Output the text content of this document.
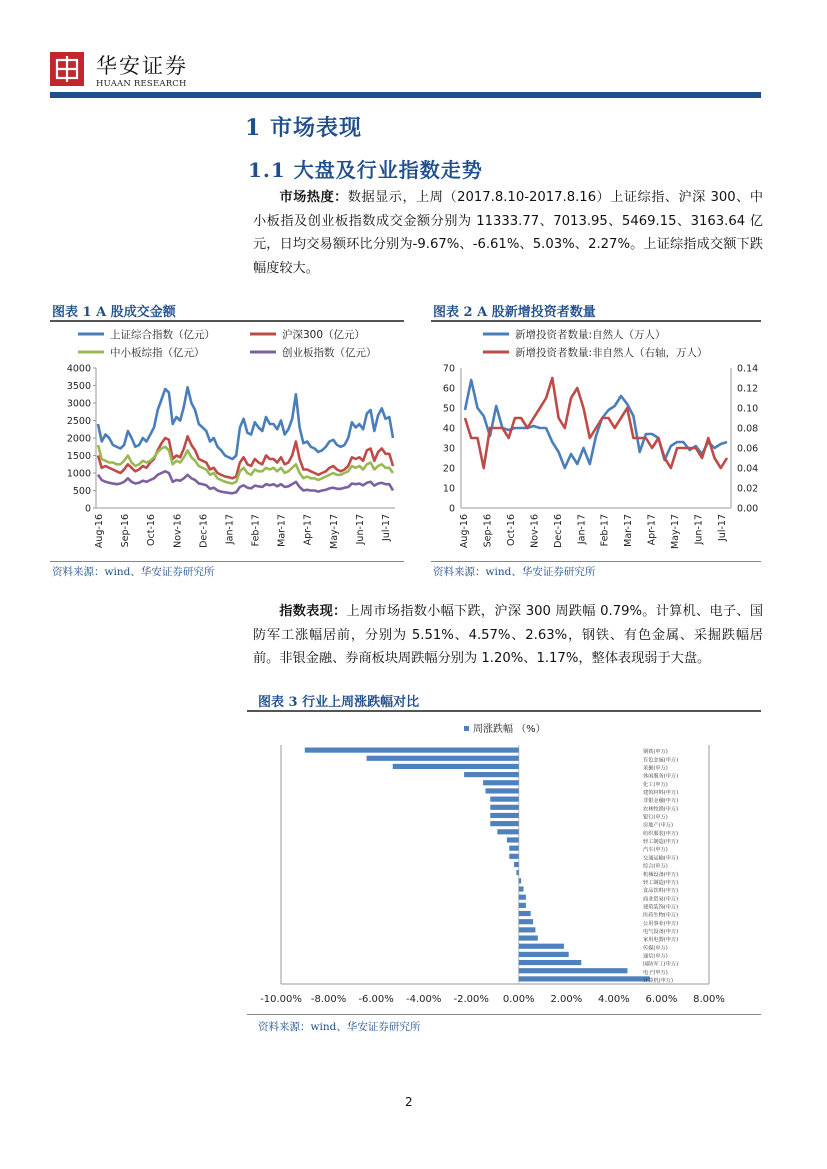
华安证券
HUAAN RESEARCH
1 市场表现
1.1 大盘及行业指数走势
市场热度：数据显示，上周（2017.8.10-2017.8.16）上证综指、沪深 300、中小板指及创业板指数成交金额分别为 11333.77、7013.95、5469.15、3163.64 亿元，日均交易额环比分别为-9.67%、-6.61%、5.03%、2.27%。上证综指成交额下跌幅度较大。
图表 1 A 股成交金额
上证综合指数（亿元）	沪深300（亿元）
中小板综指（亿元）	创业板指数（亿元）
0
500
1000
1500
2000
2500
3000
3500
4000
Aug-16 Sep-16 Oct-16 Nov-16 Dec-16 Jan-17 Feb-17 Mar-17 Apr-17 May-17 Jun-17 Jul-17
资料来源：wind、华安证券研究所
图表 2 A 股新增投资者数量
新增投资者数量:自然人（万人）
新增投资者数量:非自然人（右轴，万人）
0
10
20
30
40
50
60
70
0.00
0.02
0.04
0.06
0.08
0.10
0.12
0.14
Aug-16 Sep-16 Oct-16 Nov-16 Dec-16 Jan-17 Feb-17 Mar-17 Apr-17 May-17 Jun-17 Jul-17
资料来源：wind、华安证券研究所
指数表现：上周市场指数小幅下跌，沪深 300 周跌幅 0.79%。计算机、电子、国防军工涨幅居前，分别为 5.51%、4.57%、2.63%，钢铁、有色金属、采掘跌幅居前。非银金融、券商板块周跌幅分别为 1.20%、1.17%，整体表现弱于大盘。
图表 3 行业上周涨跌幅对比
周涨跌幅 （%）
-10.00% -8.00% -6.00% -4.00% -2.00% 0.00% 2.00% 4.00% 6.00% 8.00%
钢铁(申万)
有色金属(申万)
采掘(申万)
休闲服务(申万)
化工(申万)
建筑材料(申万)
非银金融(申万)
农林牧渔(申万)
银行(申万)
房地产(申万)
纺织服装(申万)
轻工制造(申万)
汽车(申万)
交通运输(申万)
综合(申万)
机械设备(申万)
轻工制造(申万)
食品饮料(申万)
商业贸易(申万)
建筑装饰(申万)
医药生物(申万)
公用事业(申万)
电气设备(申万)
家用电器(申万)
传媒(申万)
通信(申万)
国防军工(申万)
电子(申万)
计算机(申万)
资料来源：wind、华安证券研究所
2
